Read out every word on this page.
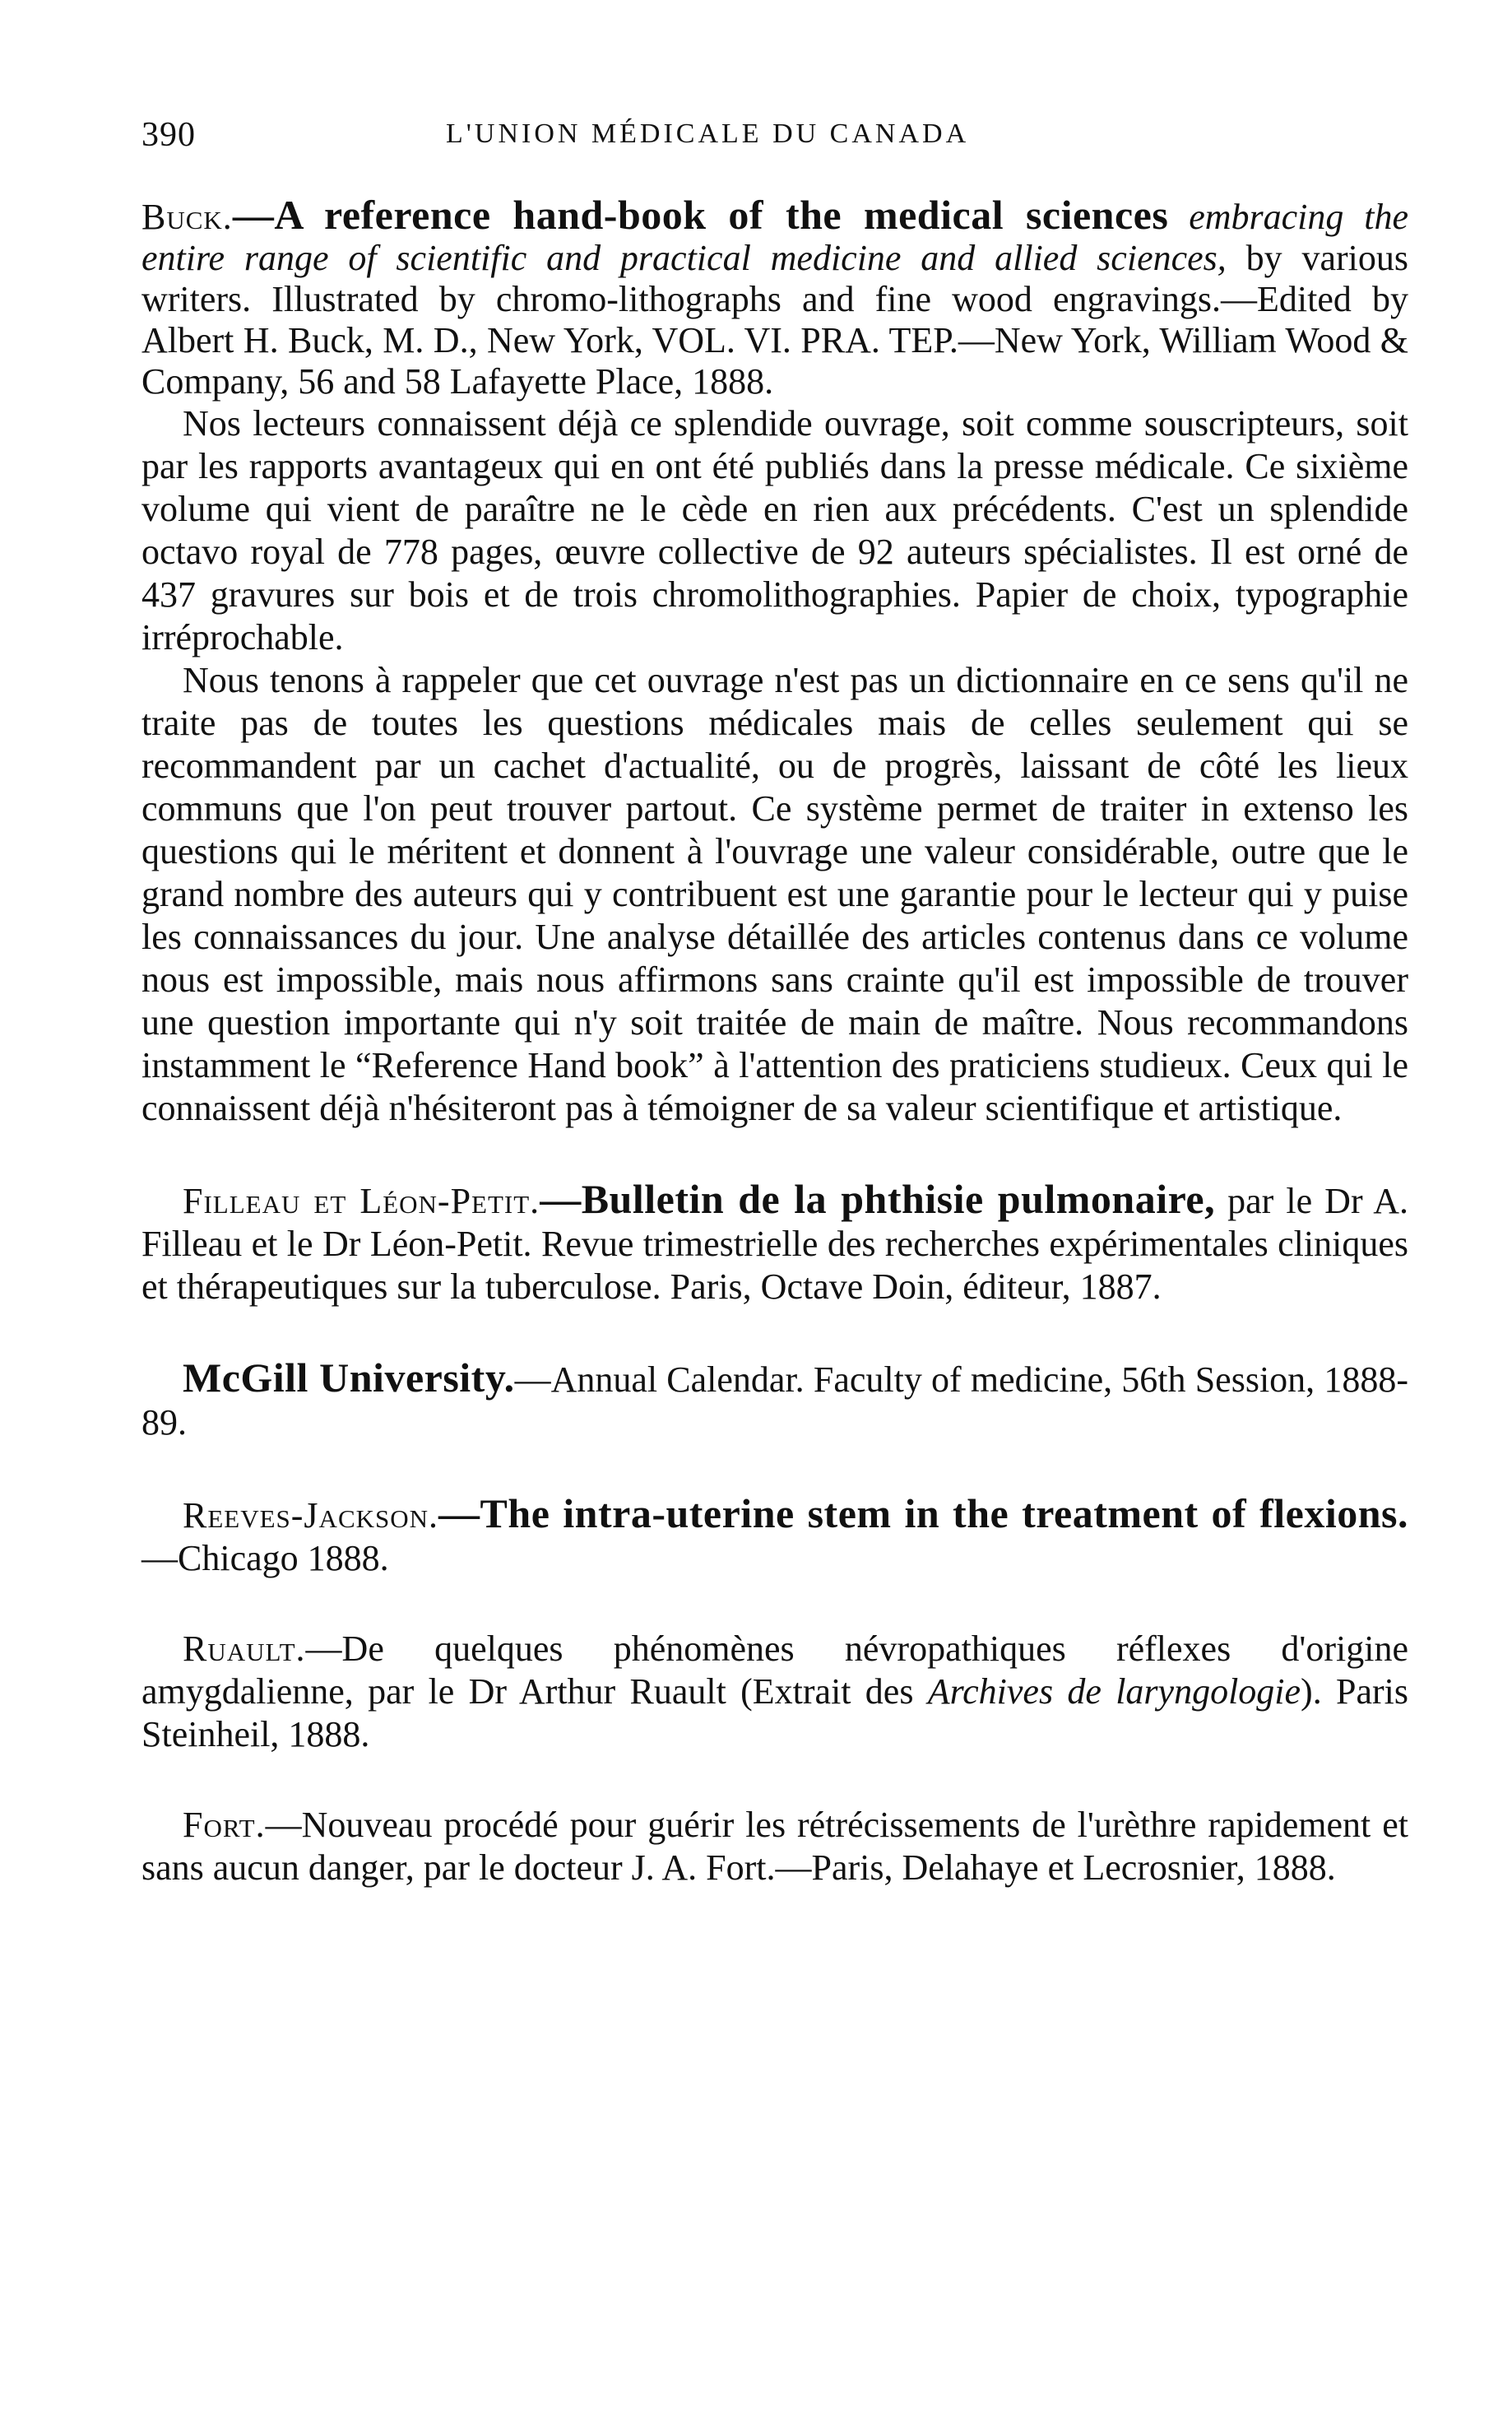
390	L'UNION MÉDICALE DU CANADA

Buck.—A reference hand-book of the medical sciences embracing the entire range of scientific and practical medicine and allied sciences, by various writers. Illustrated by chromo-lithographs and fine wood engravings.—Edited by Albert H. Buck, M. D., New York, VOL. VI. PRA. TEP.—New York, William Wood & Company, 56 and 58 Lafayette Place, 1888.

Nos lecteurs connaissent déjà ce splendide ouvrage, soit comme souscripteurs, soit par les rapports avantageux qui en ont été publiés dans la presse médicale. Ce sixième volume qui vient de paraître ne le cède en rien aux précédents. C'est un splendide octavo royal de 778 pages, œuvre collective de 92 auteurs spécialistes. Il est orné de 437 gravures sur bois et de trois chromolithographies. Papier de choix, typographie irréprochable.

Nous tenons à rappeler que cet ouvrage n'est pas un dictionnaire en ce sens qu'il ne traite pas de toutes les questions médicales mais de celles seulement qui se recommandent par un cachet d'actualité, ou de progrès, laissant de côté les lieux communs que l'on peut trouver partout. Ce système permet de traiter in extenso les questions qui le méritent et donnent à l'ouvrage une valeur considérable, outre que le grand nombre des auteurs qui y contribuent est une garantie pour le lecteur qui y puise les connaissances du jour. Une analyse détaillée des articles contenus dans ce volume nous est impossible, mais nous affirmons sans crainte qu'il est impossible de trouver une question importante qui n'y soit traitée de main de maître. Nous recommandons instamment le “Reference Hand book” à l'attention des praticiens studieux. Ceux qui le connaissent déjà n'hésiteront pas à témoigner de sa valeur scientifique et artistique.

Filleau et Léon-Petit.—Bulletin de la phthisie pulmonaire, par le Dr A. Filleau et le Dr Léon-Petit. Revue trimestrielle des recherches expérimentales cliniques et thérapeutiques sur la tuberculose. Paris, Octave Doin, éditeur, 1887.

McGill University.—Annual Calendar. Faculty of medicine, 56th Session, 1888-89.

Reeves-Jackson.—The intra-uterine stem in the treatment of flexions.—Chicago 1888.

Ruault.—De quelques phénomènes névropathiques réflexes d'origine amygdalienne, par le Dr Arthur Ruault (Extrait des Archives de laryngologie). Paris Steinheil, 1888.

Fort.—Nouveau procédé pour guérir les rétrécissements de l'urèthre rapidement et sans aucun danger, par le docteur J. A. Fort.—Paris, Delahaye et Lecrosnier, 1888.
